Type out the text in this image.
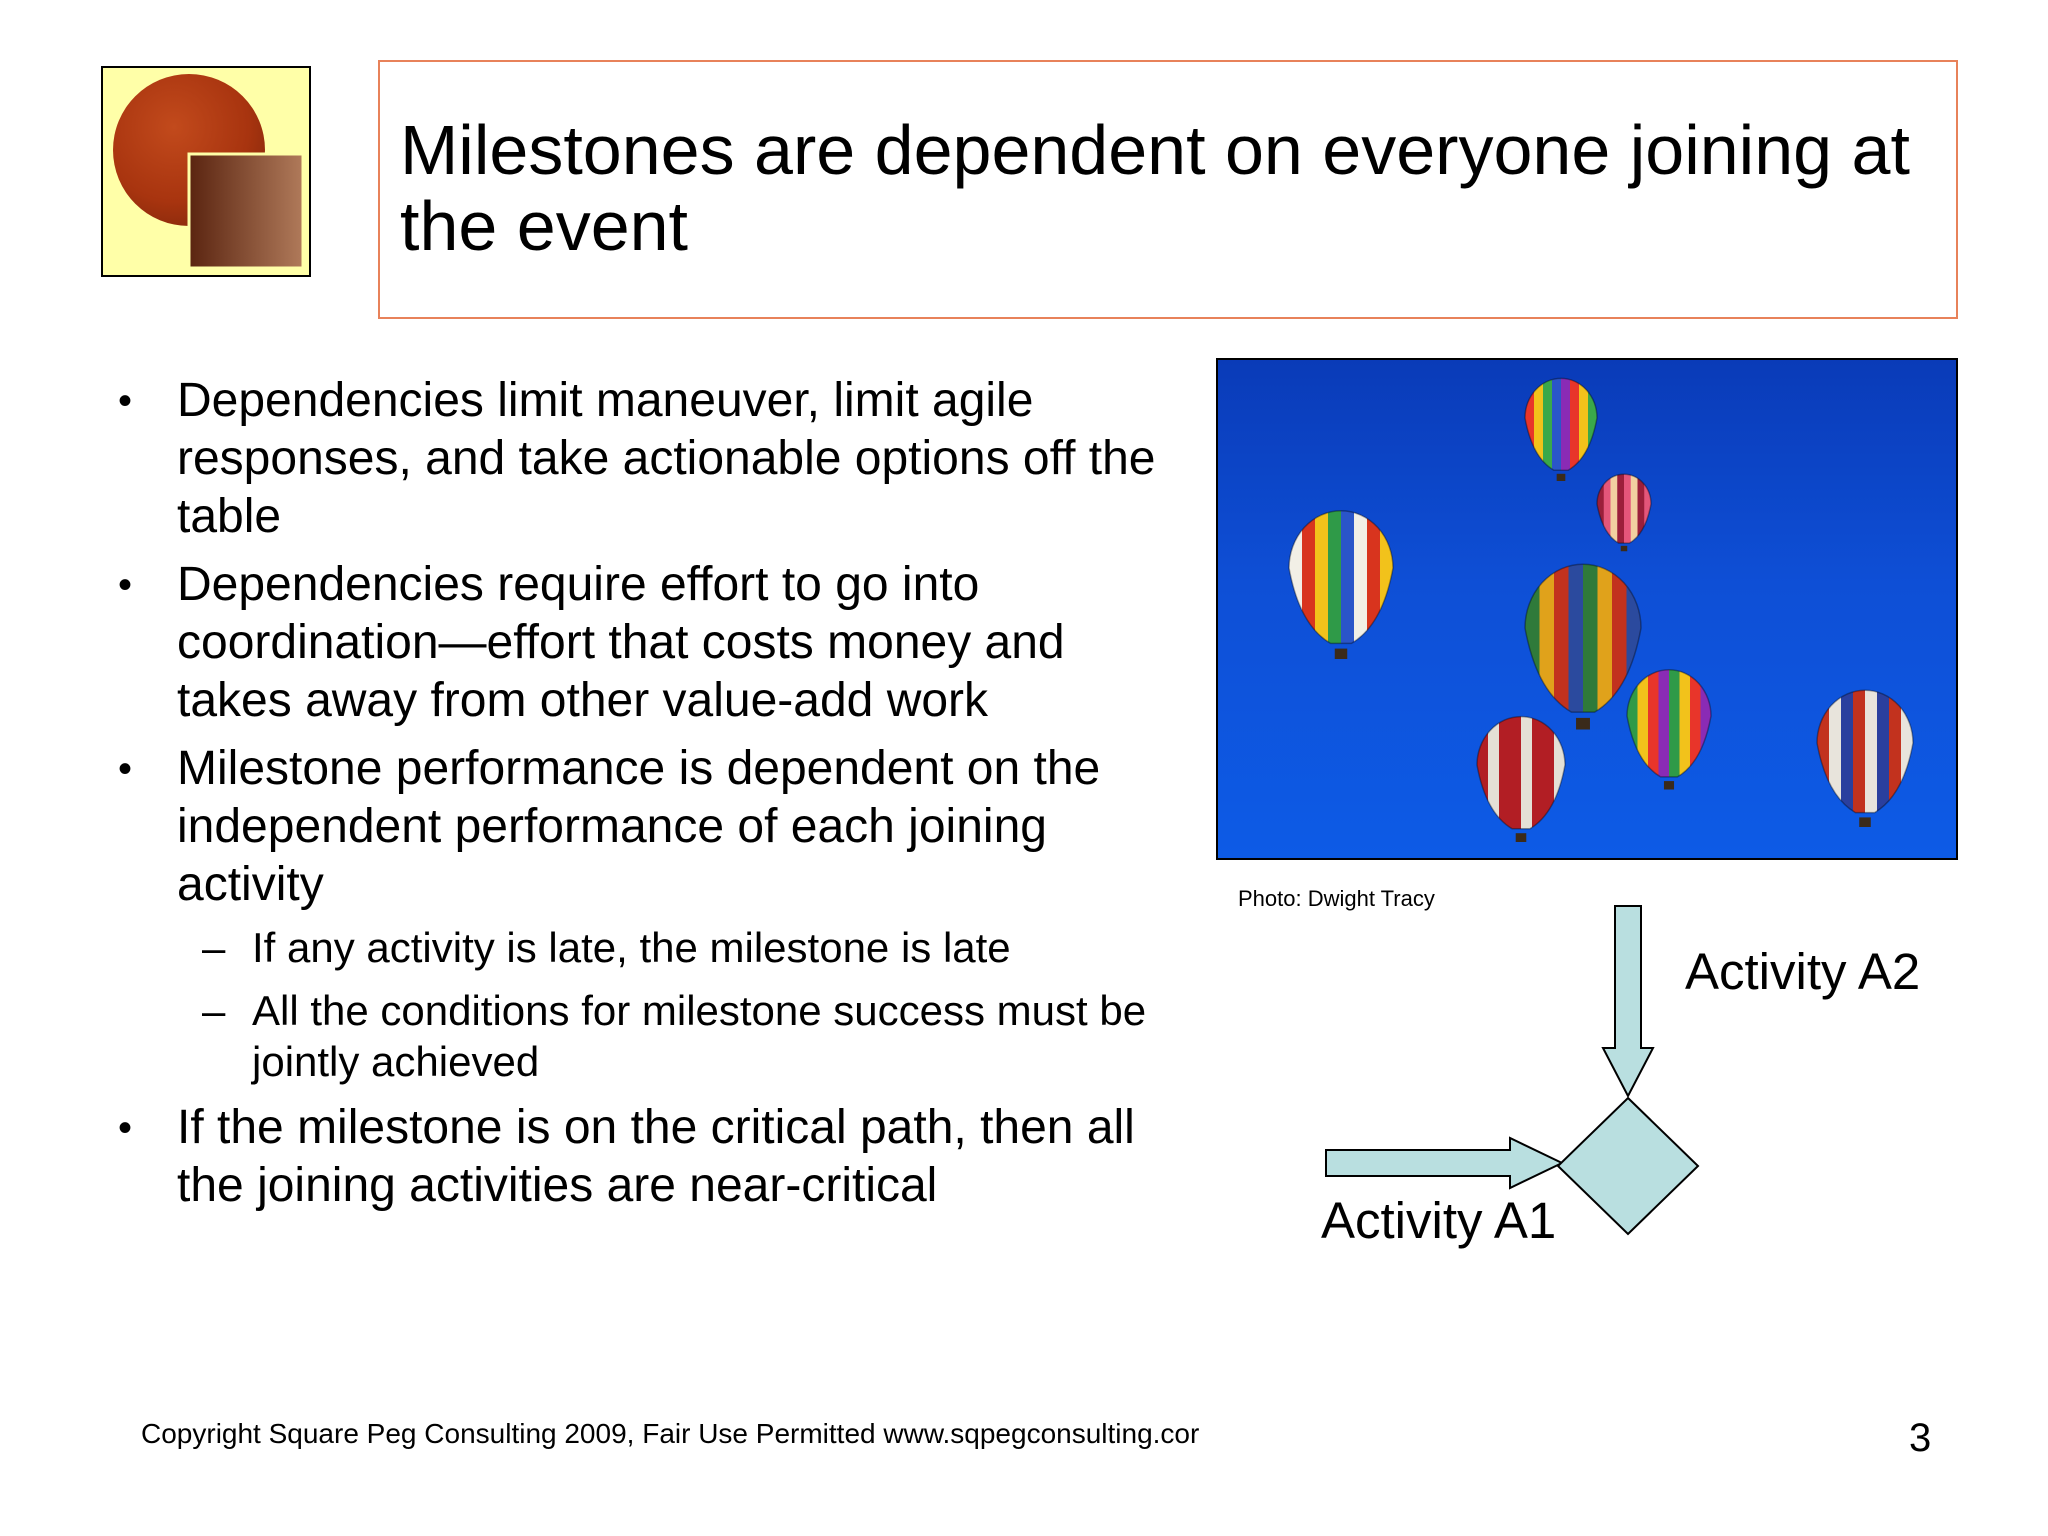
Milestones are dependent on everyone joining at the event
• Dependencies limit maneuver, limit agile responses, and take actionable options off the table
• Dependencies require effort to go into coordination—effort that costs money and takes away from other value-add work
• Milestone performance is dependent on the independent performance of each joining activity
– If any activity is late, the milestone is late
– All the conditions for milestone success must be jointly achieved
• If the milestone is on the critical path, then all the joining activities are near-critical
Photo: Dwight Tracy
Activity A2
Activity A1
Copyright Square Peg Consulting 2009, Fair Use Permitted www.sqpegconsulting.cor	3
